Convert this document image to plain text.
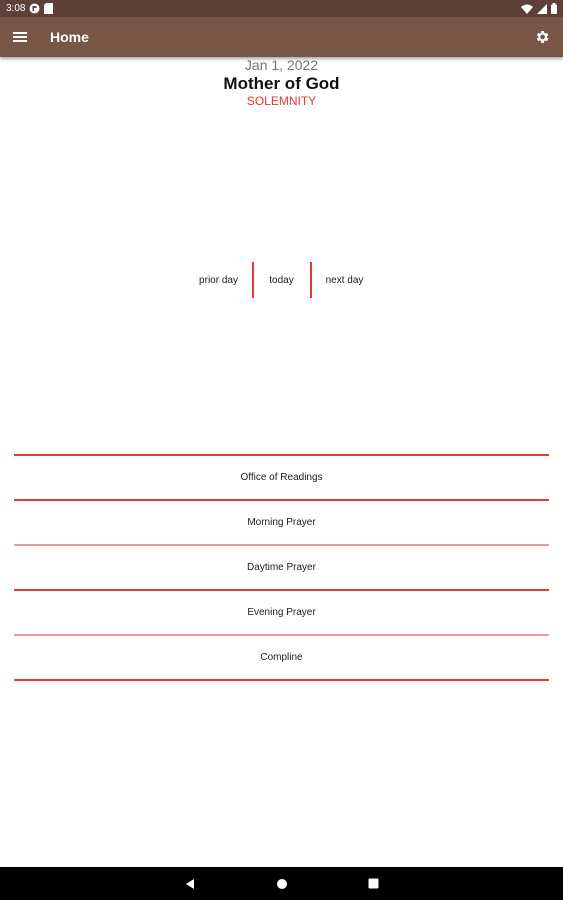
3:08
Home
Jan 1, 2022
Mother of God
SOLEMNITY
prior day	today	next day
Office of Readings
Morning Prayer
Daytime Prayer
Evening Prayer
Compline
